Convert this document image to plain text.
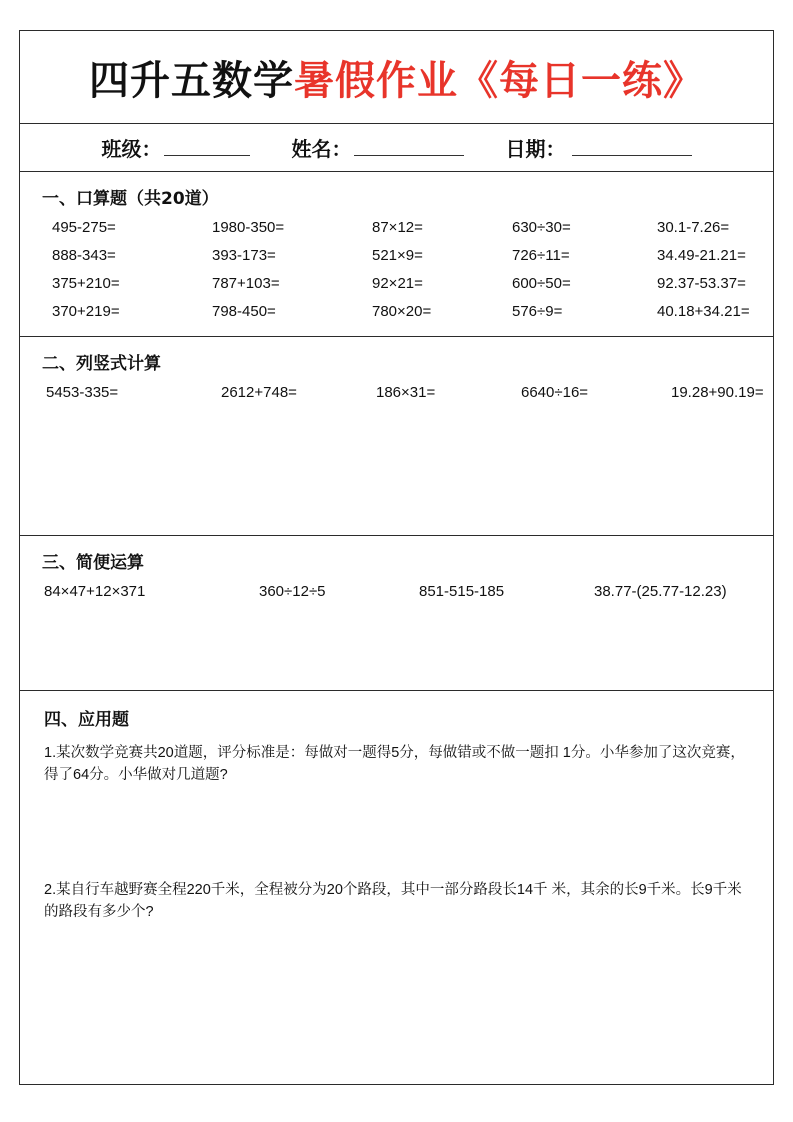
四升五数学暑假作业《每日一练》
班级：	姓名：	日期：
一、口算题（共20道）
495-275=	1980-350=	87×12=	630÷30=	30.1-7.26=
888-343=	393-173=	521×9=	726÷11=	34.49-21.21=
375+210=	787+103=	92×21=	600÷50=	92.37-53.37=
370+219=	798-450=	780×20=	576÷9=	40.18+34.21=
二、列竖式计算
5453-335=	2612+748=	186×31=	6640÷16=	19.28+90.19=
三、简便运算
84×47+12×371	360÷12÷5	851-515-185	38.77-(25.77-12.23)
四、应用题
1.某次数学竞赛共20道题，评分标准是：每做对一题得5分，每做错或不做一题扣 1分。小华参加了这次竞赛，得了64分。小华做对几道题?
2.某自行车越野赛全程220千米，全程被分为20个路段，其中一部分路段长14千 米，其余的长9千米。长9千米的路段有多少个?
